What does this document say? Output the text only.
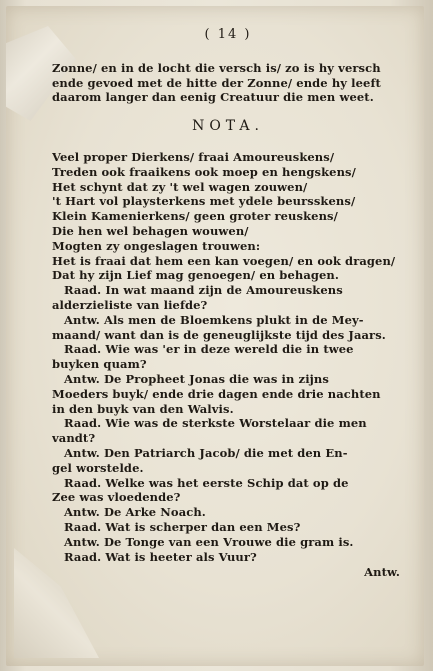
( 14 )
Zonne/ en in de locht die versch is/ zo is hy versch
ende gevoed met de hitte der Zonne/ ende hy leeft
daarom langer dan eenig Creatuur die men weet.
NOTA.
Veel proper Dierkens/ fraai Amoureuskens/
Treden ook fraaikens ook moep en hengskens/
Het schynt dat zy 't wel wagen zouwen/
't Hart vol playsterkens met ydele beursskens/
Klein Kamenierkens/ geen groter reuskens/
Die hen wel behagen wouwen/
Mogten zy ongeslagen trouwen:
Het is fraai dat hem een kan voegen/ en ook dragen/
Dat hy zijn Lief mag genoegen/ en behagen.
Raad. In wat maand zijn de Amoureuskens
alderzieliste van liefde?
Antw. Als men de Bloemkens plukt in de Mey-
maand/ want dan is de geneuglijkste tijd des Jaars.
Raad. Wie was 'er in deze wereld die in twee
buyken quam?
Antw. De Propheet Jonas die was in zijns
Moeders buyk/ ende drie dagen ende drie nachten
in den buyk van den Walvis.
Raad. Wie was de sterkste Worstelaar die men
vandt?
Antw. Den Patriarch Jacob/ die met den En-
gel worstelde.
Raad. Welke was het eerste Schip dat op de
Zee was vloedende?
Antw. De Arke Noach.
Raad. Wat is scherper dan een Mes?
Antw. De Tonge van een Vrouwe die gram is.
Raad. Wat is heeter als Vuur?
Antw.
